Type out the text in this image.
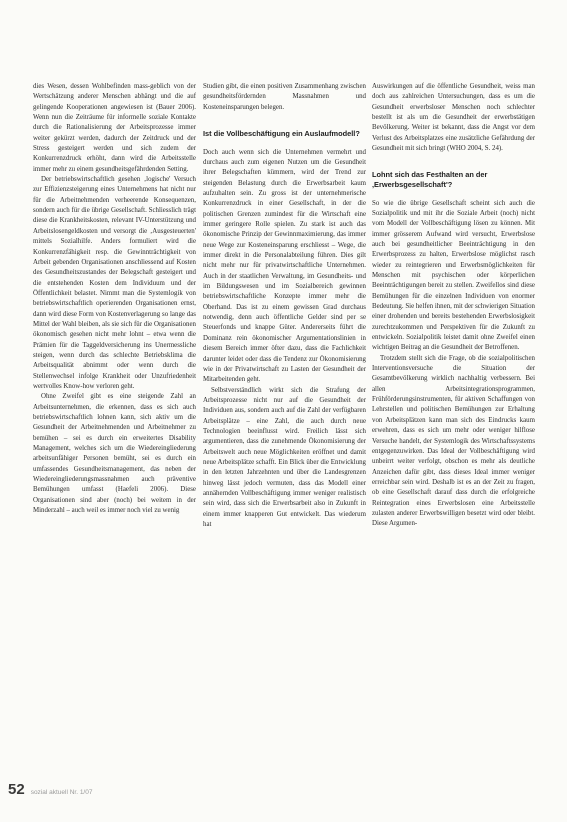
dies Wesen, dessen Wohlbefinden mass-geblich von der Wertschätzung anderer Menschen abhängt und die auf gelingende Kooperationen angewiesen ist (Bauer 2006). Wenn nun die Zeiträume für informelle soziale Kontakte durch die Rationalisierung der Arbeitsprozesse immer weiter gekürzt werden, dadurch der Zeitdruck und der Stress gesteigert werden und sich zudem der Konkurrenzdruck erhöht, dann wird die Arbeitsstelle immer mehr zu einem gesundheitsgefährdenden Setting.

Der betriebswirtschaftlich gesehen ‚logische' Versuch zur Effizienzsteigerung eines Unternehmens hat nicht nur für die Arbeitnehmenden verheerende Konsequenzen, sondern auch für die übrige Gesellschaft. Schliesslich trägt diese die Krankheitskosten, relevant IV-Unterstützung und Arbeitslosengeldkosten und versorgt die ‚Ausgesteuerten' mittels Sozialhilfe. Anders formuliert wird die Konkurrenzfähigkeit resp. die Gewinnträchtigkeit von Arbeit gebenden Organisationen anschliessend auf Kosten des Gesundheitszustandes der Belegschaft gesteigert und die entstehenden Kosten dem Individuum und der Öffentlichkeit belastet. Nimmt man die Systemlogik von betriebswirtschaftlich operierenden Organisationen ernst, dann wird diese Form von Kostenverlagerung so lange das Mittel der Wahl bleiben, als sie sich für die Organisationen ökonomisch gesehen nicht mehr lohnt – etwa wenn die Prämien für die Taggeldversicherung ins Unermessliche steigen, wenn durch das schlechte Betriebsklima die Arbeitsqualität abnimmt oder wenn durch die Stellenwechsel infolge Krankheit oder Unzufriedenheit wertvolles Know-how verloren geht.

Ohne Zweifel gibt es eine steigende Zahl an Arbeitsunternehmen, die erkennen, dass es sich auch betriebswirtschaftlich lohnen kann, sich aktiv um die Gesundheit der Arbeitnehmenden und Arbeitnehmer zu bemühen – sei es durch ein erweitertes Disability Management, welches sich um die Wiedereingliederung arbeitsunfähiger Personen bemüht, sei es durch ein umfassendes Gesundheitsmanagement, das neben der Wiedereingliederungsmassnahmen auch präventive Bemühungen umfasst (Haefeli 2006). Diese Organisationen sind aber (noch) bei weitem in der Minderzahl – auch weil es immer noch viel zu wenig

Studien gibt, die einen positiven Zusammenhang zwischen gesundheitsfördernden Massnahmen und Kosteneinsparungen belegen.

Ist die Vollbeschäftigung ein Auslaufmodell?

Doch auch wenn sich die Unternehmen vermehrt und durchaus auch zum eigenen Nutzen um die Gesundheit ihrer Belegschaften kümmern, wird der Trend zur steigenden Belastung durch die Erwerbsarbeit kaum aufzuhalten sein. Zu gross ist der unternehmerische Konkurrenzdruck in einer Gesellschaft, in der die politischen Grenzen zumindest für die Wirtschaft eine immer geringere Rolle spielen. Zu stark ist auch das ökonomische Prinzip der Gewinnmaximierung, das immer neue Wege zur Kosteneinsparung erschliesst – Wege, die immer direkt in die Personalabteilung führen. Dies gilt nicht mehr nur für privatwirtschaftliche Unternehmen. Auch in der staatlichen Verwaltung, im Gesundheits- und im Bildungswesen und im Sozialbereich gewinnen betriebswirtschaftliche Konzepte immer mehr die Oberhand. Das ist zu einem gewissen Grad durchaus notwendig, denn auch öffentliche Gelder sind per se Steuerfonds und knappe Güter. Andererseits führt die Dominanz rein ökonomischer Argumentationslinien in diesem Bereich immer öfter dazu, dass die Fachlichkeit darunter leidet oder dass die Tendenz zur Ökonomisierung wie in der Privatwirtschaft zu Lasten der Gesundheit der Mitarbeitenden geht.

Selbstverständlich wirkt sich die Strafung der Arbeitsprozesse nicht nur auf die Gesundheit der Individuen aus, sondern auch auf die Zahl der verfügbaren Arbeitsplätze – eine Zahl, die auch durch neue Technologien beeinflusst wird. Freilich lässt sich argumentieren, dass die zunehmende Ökonomisierung der Arbeitswelt auch neue Möglichkeiten eröffnet und damit neue Arbeitsplätze schafft. Ein Blick über die Entwicklung in den letzten Jahrzehnten und über die Landesgrenzen hinweg lässt jedoch vermuten, dass das Modell einer annähernden Vollbeschäftigung immer weniger realistisch sein wird, dass sich die Erwerbsarbeit also in Zukunft in einem immer knapperen Gut entwickelt. Das wiederum hat

Auswirkungen auf die öffentliche Gesundheit, weiss man doch aus zahlreichen Untersuchungen, dass es um die Gesundheit erwerbsloser Menschen noch schlechter bestellt ist als um die Gesundheit der erwerbstätigen Bevölkerung. Weiter ist bekannt, dass die Angst vor dem Verlust des Arbeitsplatzes eine zusätzliche Gefährdung der Gesundheit mit sich bringt (WHO 2004, S. 24).

Lohnt sich das Festhalten an der ‚Erwerbsgesellschaft'?

So wie die übrige Gesellschaft scheint sich auch die Sozialpolitik und mit ihr die Soziale Arbeit (noch) nicht vom Modell der Vollbeschäftigung lösen zu können. Mit immer grösserem Aufwand wird versucht, Erwerbslose auch bei gesundheitlicher Beeinträchtigung in den Erwerbsprozess zu halten, Erwerbslose möglichst rasch wieder zu reintegrieren und Erwerbsmöglichkeiten für Menschen mit psychischen oder körperlichen Beeinträchtigungen bereit zu stellen. Zweifellos sind diese Bemühungen für die einzelnen Individuen von enormer Bedeutung. Sie helfen ihnen, mit der schwierigen Situation einer drohenden und bereits bestehenden Erwerbslosigkeit zurechtzukommen und Perspektiven für die Zukunft zu entwickeln. Sozialpolitik leistet damit ohne Zweifel einen wichtigen Beitrag an die Gesundheit der Betroffenen.

Trotzdem stellt sich die Frage, ob die sozialpolitischen Interventionsversuche die Situation der Gesamtbevölkerung wirklich nachhaltig verbessern. Bei allen Arbeitsintegrationsprogrammen, Frühförderungsinstrumenten, für aktiven Schaffungen von Lehrstellen und politischen Bemühungen zur Erhaltung von Arbeitsplätzen kann man sich des Eindrucks kaum erwehren, dass es sich um mehr oder weniger hilflose Versuche handelt, der Systemlogik des Wirtschaftssystems entgegenzuwirken. Das Ideal der Vollbeschäftigung wird unbeirrt weiter verfolgt, obschon es mehr als deutliche Anzeichen dafür gibt, dass dieses Ideal immer weniger erreichbar sein wird. Deshalb ist es an der Zeit zu fragen, ob eine Gesellschaft darauf dass durch die erfolgreiche Reintegration eines Erwerbslosen eine Arbeitsstelle zulasten anderer Erwerbswilligen besetzt wird oder bleibt. Diese Argumen-

52 sozial aktuell Nr. 1/07
